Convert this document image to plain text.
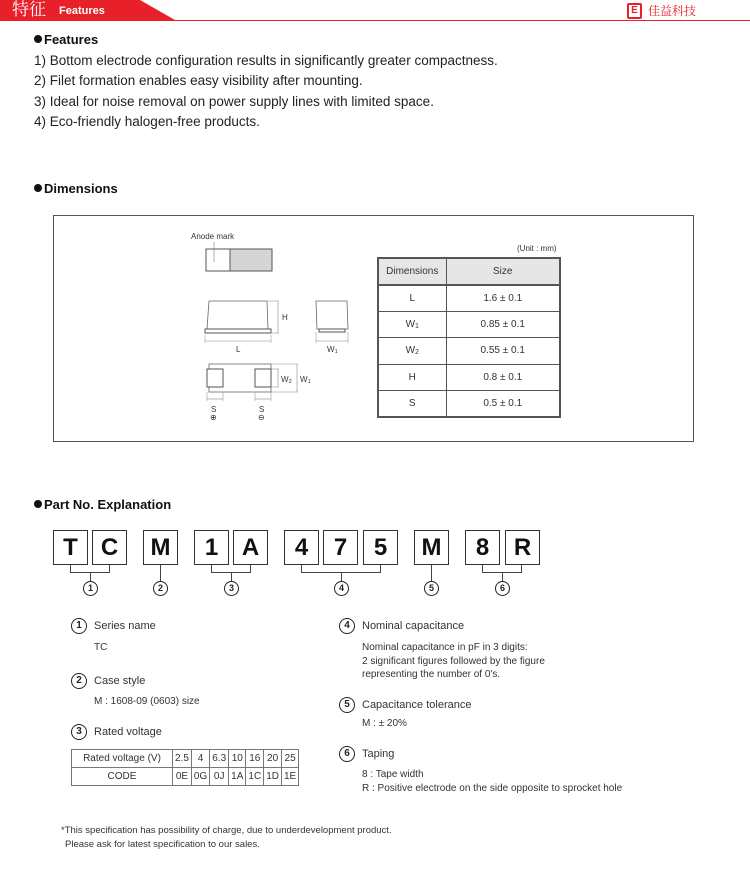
特征 Features	E 佳益科技
Features
1) Bottom electrode configuration results in significantly greater compactness.
2) Filet formation enables easy visibility after mounting.
3) Ideal for noise removal on power supply lines with limited space.
4) Eco-friendly halogen-free products.
Dimensions
Anode mark
H
L	W1
W2 W1
S	S
⊕	⊖
(Unit : mm)
Dimensions	Size
L	1.6 ± 0.1
$W_1$	0.85 ± 0.1
$W_2$	0.55 ± 0.1
H	0.8 ± 0.1
S	0.5 ± 0.1
Part No. Explanation
T C	M	1 A	4	7	5	M	8	R
1	2	3	4	5	6
1	Series name
TC
2	Case style
M : 1608-09 (0603) size
3	Rated voltage
Rated voltage (V)	2.5	4	6.3	10	16	20	25
CODE	0E	0G	0J	1A	1C	1D	1E
4	Nominal capacitance
Nominal capacitance in pF in 3 digits:
2 significant figures followed by the figure
representing the number of 0's.
5	Capacitance tolerance
M : ± 20%
6	Taping
8 : Tape width
R : Positive electrode on the side opposite to sprocket hole
*This specification has possibility of charge, due to underdevelopment product.
Please ask for latest specification to our sales.
